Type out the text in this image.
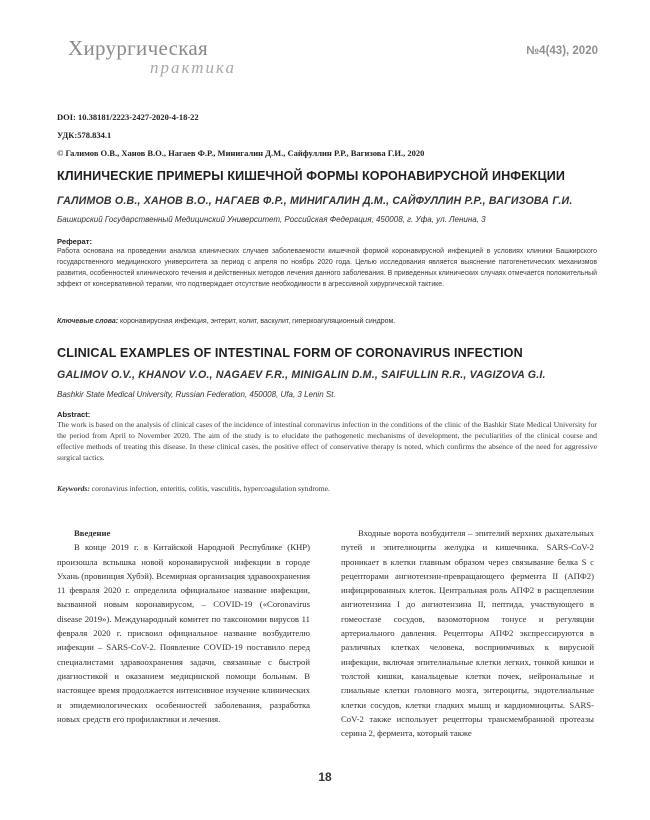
Хирургическая
практика
№4(43), 2020
DOI: 10.38181/2223-2427-2020-4-18-22
УДК:578.834.1
© Галимов О.В., Ханов В.О., Нагаев Ф.Р., Минигалин Д.М., Сайфуллин Р.Р., Вагизова Г.И., 2020
КЛИНИЧЕСКИЕ ПРИМЕРЫ КИШЕЧНОЙ ФОРМЫ КОРОНАВИРУСНОЙ ИНФЕКЦИИ
ГАЛИМОВ О.В., ХАНОВ В.О., НАГАЕВ Ф.Р., МИНИГАЛИН Д.М., САЙФУЛЛИН Р.Р., ВАГИЗОВА Г.И.
Башкирский Государственный Медицинский Университет, Российская Федерация, 450008, г. Уфа, ул. Ленина, 3
Реферат:
Работа основана на проведении анализа клинических случаев заболеваемости кишечной формой коронавирусной инфекцией в условиях клиники Башкирского государственного медицинского университета за период с апреля по ноябрь 2020 года. Целью исследования является выяснение патогенетических механизмов развития, особенностей клинического течения и действенных методов лечения данного заболевания. В приведенных клинических случаях отмечается положительный эффект от консервативной терапии, что подтверждает отсутствие необходимости в агрессивной хирургической тактике.
Ключевые слова: коронавирусная инфекция, энтерит, колит, васкулит, гиперкоагуляционный синдром.
CLINICAL EXAMPLES OF INTESTINAL FORM OF CORONAVIRUS INFECTION
GALIMOV O.V., KHANOV V.O., NAGAEV F.R., MINIGALIN D.M., SAIFULLIN R.R., VAGIZOVA G.I.
Bashkir State Medical University, Russian Federation, 450008, Ufa, 3 Lenin St.
Abstract:
The work is based on the analysis of clinical cases of the incidence of intestinal coronavirus infection in the conditions of the clinic of the Bashkir State Medical University for the period from April to November 2020. The aim of the study is to elucidate the pathogenetic mechanisms of development, the peculiarities of the clinical course and effective methods of treating this disease. In these clinical cases, the positive effect of conservative therapy is noted, which confirms the absence of the need for aggressive surgical tactics.
Keywords: coronavirus infection, enteritis, colitis, vasculitis, hypercoagulation syndrome.

Введение

В конце 2019 г. в Китайской Народной Республике (КНР) произошла вспышка новой коронавирусной инфекции в городе Ухань (провинция Хубэй). Всемирная организация здравоохранения 11 февраля 2020 г. определила официальное название инфекции, вызванной новым коронавирусом, – COVID-19 («Coronavirus disease 2019»). Международный комитет по таксономии вирусов 11 февраля 2020 г. присвоил официальное название возбудителю инфекции – SARS-CoV-2. Появление COVID-19 поставило перед специалистами здравоохранения задачи, связанные с быстрой диагностикой и оказанием медицинской помощи больным. В настоящее время продолжается интенсивное изучение клинических и эпидемиологических особенностей заболевания, разработка новых средств его профилактики и лечения.

Входные ворота возбудителя – эпителий верхних дыхательных путей и эпителиоциты желудка и кишечника. SARS-CoV-2 проникает в клетки главным образом через связывание белка S с рецепторами ангиотензин-превращающего фермента II (АПФ2) инфицированных клеток. Центральная роль АПФ2 в расщеплении ангиотензина I до ангиотензина II, пептида, участвующего в гомеостазе сосудов, вазомоторном тонусе и регуляции артериального давления. Рецепторы АПФ2 экспрессируются в различных клетках человека, восприимчивых к вирусной инфекции, включая эпителиальные клетки легких, тонкой кишки и толстой кишки, канальцевые клетки почек, нейрональные и глиальные клетки головного мозга, энтероциты, эндотелиальные клетки сосудов, клетки гладких мышц и кардиомиоциты. SARS-CoV-2 также использует рецепторы трансмембранной протеазы серина 2, фермента, который также

18
